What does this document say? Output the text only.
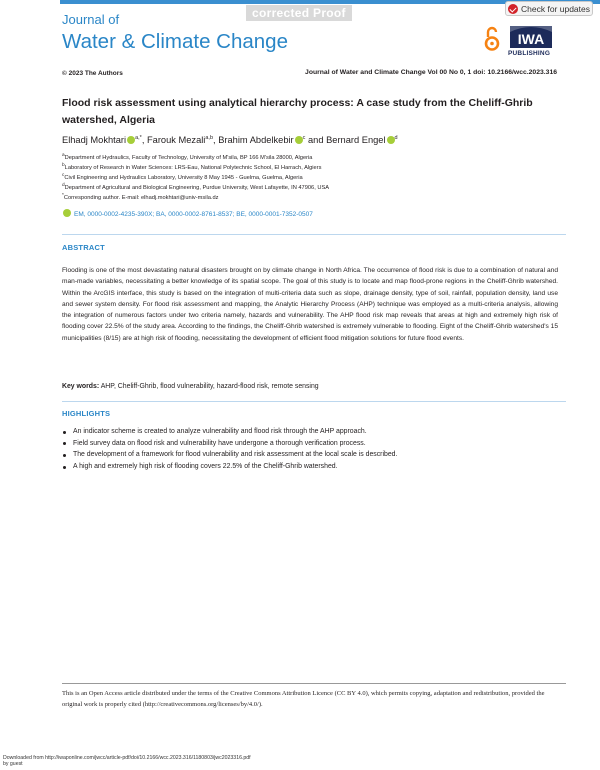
corrected Proof
Journal of
Water & Climate Change
Check for updates
IWA
PUBLISHING
© 2023 The Authors	Journal of Water and Climate Change Vol 00 No 0, 1 doi: 10.2166/wcc.2023.316
Flood risk assessment using analytical hierarchy process: A case study from the Cheliff-Ghrib watershed, Algeria
Elhadj Mokhtari $^{a,*}$, Farouk Mezali$^{a,b}$, Brahim Abdelkebir $^c$ and Bernard Engel $^d$
$^a$Department of Hydraulics, Faculty of Technology, University of M'sila, BP 166 M'sila 28000, Algeria
$^b$Laboratory of Research in Water Sciences: LRS-Eau, National Polytechnic School, El Harrach, Algiers
$^c$Civil Engineering and Hydraulics Laboratory, University 8 May 1945 - Guelma, Guelma, Algeria
$^d$Department of Agricultural and Biological Engineering, Purdue University, West Lafayette, IN 47906, USA
*Corresponding author. E-mail: elhadj.mokhtari@univ-msila.dz
EM, 0000-0002-4235-390X; BA, 0000-0002-8761-8537; BE, 0000-0001-7352-0507
ABSTRACT
Flooding is one of the most devastating natural disasters brought on by climate change in North Africa. The occurrence of flood risk is due to a combination of natural and man-made variables, necessitating a better knowledge of its spatial scope. The goal of this study is to locate and map flood-prone regions in the Cheliff-Ghrib watershed. Within the ArcGIS interface, this study is based on the integration of multi-criteria data such as slope, drainage density, type of soil, rainfall, population density, land use and sewer system density. For flood risk assessment and mapping, the Analytic Hierarchy Process (AHP) technique was employed as a multi-criteria analysis, allowing the integration of numerous factors under two criteria namely, hazards and vulnerability. The AHP flood risk map reveals that areas at high and extremely high risk of flooding cover 22.5% of the study area. According to the findings, the Cheliff-Ghrib watershed is extremely vulnerable to flooding. Eight of the Cheliff-Ghrib watershed's 15 municipalities (8/15) are at high risk of flooding, necessitating the development of efficient flood mitigation solutions for future flood events.
Key words: AHP, Cheliff-Ghrib, flood vulnerability, hazard-flood risk, remote sensing
HIGHLIGHTS
An indicator scheme is created to analyze vulnerability and flood risk through the AHP approach.
Field survey data on flood risk and vulnerability have undergone a thorough verification process.
The development of a framework for flood vulnerability and risk assessment at the local scale is described.
A high and extremely high risk of flooding covers 22.5% of the Cheliff-Ghrib watershed.
This is an Open Access article distributed under the terms of the Creative Commons Attribution Licence (CC BY 4.0), which permits copying, adaptation and redistribution, provided the original work is properly cited (http://creativecommons.org/licenses/by/4.0/).
Downloaded from http://iwaponline.com/jwcc/article-pdf/doi/10.2166/wcc.2023.316/1180803/jwc2023316.pdf
by guest
